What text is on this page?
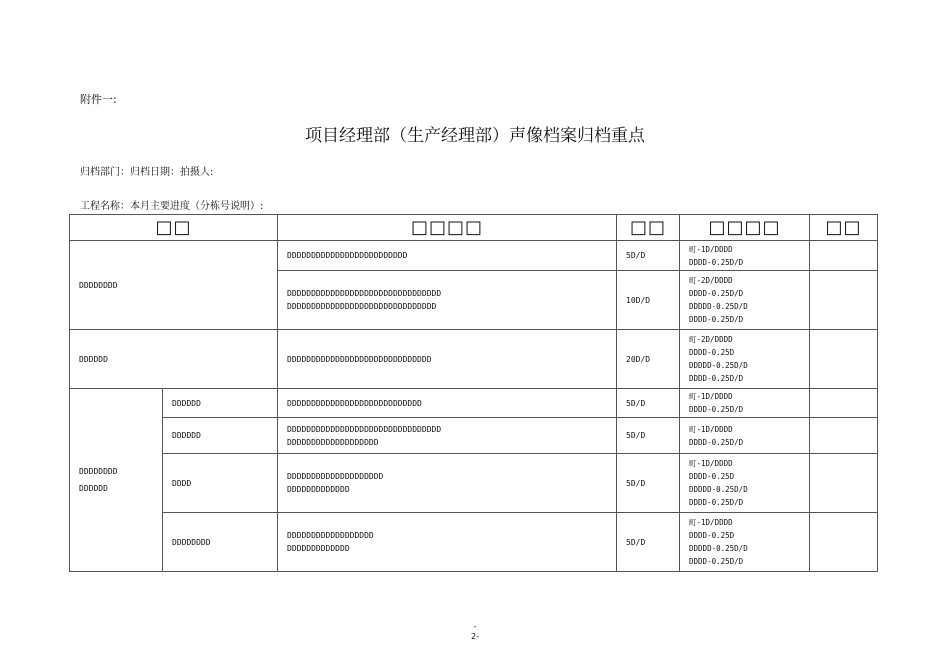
附件一:
项目经理部（生产经理部）声像档案归档重点
归档部门：归档日期：拍摄人:
工程名称：本月主要进度（分栋号说明）:
□□		□□□□	□□	□□□□	□□

DDDDDDDD		DDDDDDDDDDDDDDDDDDDDDDDDD	5D/D	町-1D/DDDD
DDDD-0.25D/D	

		DDDDDDDDDDDDDDDDDDDDDDDDDDDDDDDD
DDDDDDDDDDDDDDDDDDDDDDDDDDDDDDD	10D/D	町-2D/DDDD
DDDD-0.25D/D
DDDDD-0.25D/D
DDDD-0.25D/D	

DDDDDD		DDDDDDDDDDDDDDDDDDDDDDDDDDDDDD	20D/D	町-2D/DDDD
DDDD-0.25D
DDDDD-0.25D/D
DDDD-0.25D/D	

DDDDDDDD
DDDDDD	DDDDDD	DDDDDDDDDDDDDDDDDDDDDDDDDDDD	5D/D	町-1D/DDDD
DDDD-0.25D/D	

	DDDDDD	DDDDDDDDDDDDDDDDDDDDDDDDDDDDDDDD
DDDDDDDDDDDDDDDDDDD	5D/D	町-1D/DDDD
DDDD-0.25D/D	

	DDDD	DDDDDDDDDDDDDDDDDDDD
DDDDDDDDDDDDD	5D/D	町-1D/DDDD
DDDD-0.25D
DDDDD-0.25D/D
DDDD-0.25D/D	

	DDDDDDDD	DDDDDDDDDDDDDDDDDD
DDDDDDDDDDDDD	5D/D	町-1D/DDDD
DDDD-0.25D
DDDDD-0.25D/D
DDDD-0.25D/D	

-
2-
